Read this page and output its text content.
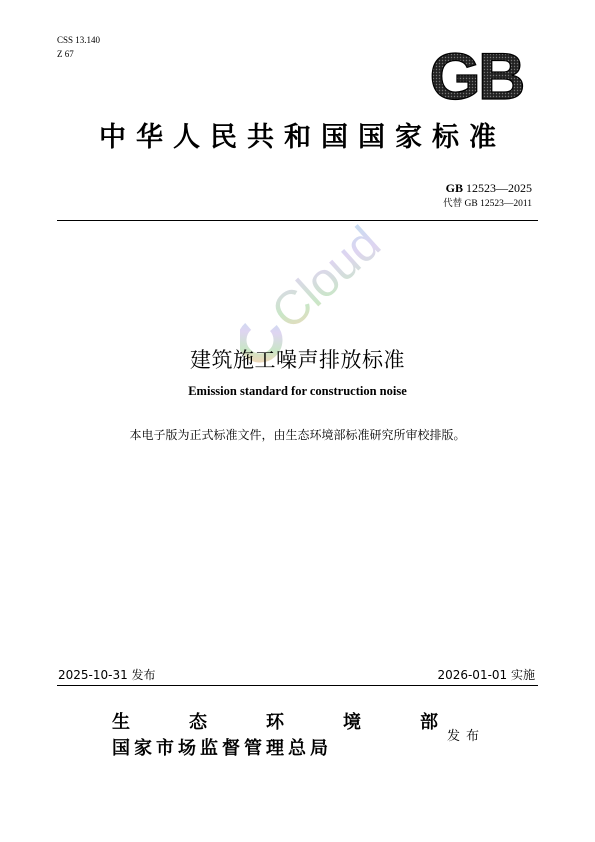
CSS 13.140
Z 67	GB
中华人民共和国国家标准
GB 12523—2025
代替 GB 12523—2011
Cloud
建筑施工噪声排放标准
Emission standard for construction noise
本电子版为正式标准文件，由生态环境部标准研究所审校排版。
2025-10-31 发布	2026-01-01 实施
生	态	环	境	部
国家市场监督管理总局
发布
